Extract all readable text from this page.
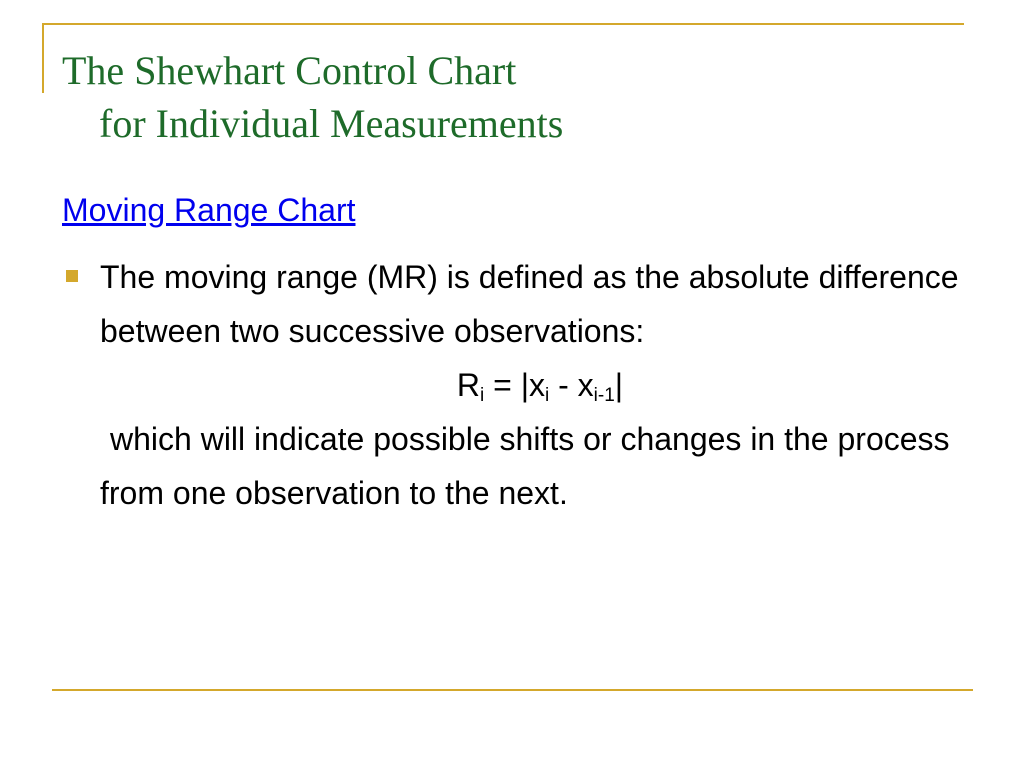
The Shewhart Control Chart
for Individual Measurements
Moving Range Chart

The moving range (MR) is defined as the absolute difference between two successive observations:

$R_i = |x_i - x_{i-1}|$

which will indicate possible shifts or changes in the process from one observation to the next.
